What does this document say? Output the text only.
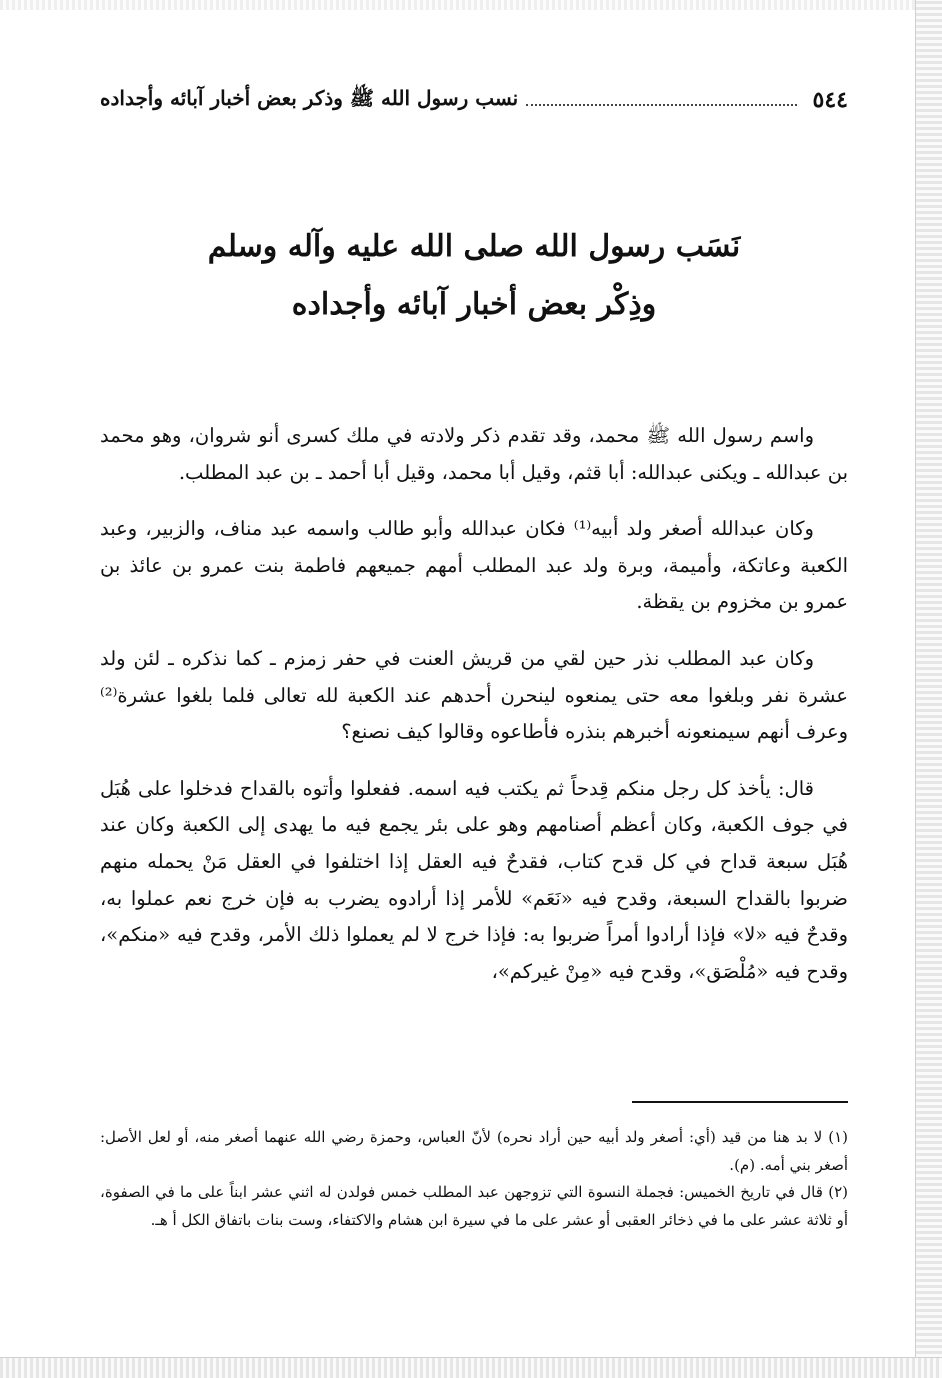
٥٤٤
نسب رسول الله ﷺ وذكر بعض أخبار آبائه وأجداده
نَسَب رسول الله صلى الله عليه وآله وسلم
وذِكْر بعض أخبار آبائه وأجداده

واسم رسول الله ﷺ محمد، وقد تقدم ذكر ولادته في ملك كسرى أنو شروان، وهو محمد بن عبدالله ـ ويكنى عبدالله: أبا قثم، وقيل أبا محمد، وقيل أبا أحمد ـ بن عبد المطلب.

وكان عبدالله أصغر ولد أبيه⁽¹⁾ فكان عبدالله وأبو طالب واسمه عبد مناف، والزبير، وعبد الكعبة وعاتكة، وأميمة، وبرة ولد عبد المطلب أمهم جميعهم فاطمة بنت عمرو بن عائذ بن عمرو بن مخزوم بن يقظة.

وكان عبد المطلب نذر حين لقي من قريش العنت في حفر زمزم ـ كما نذكره ـ لئن ولد عشرة نفر وبلغوا معه حتى يمنعوه لينحرن أحدهم عند الكعبة لله تعالى فلما بلغوا عشرة⁽²⁾ وعرف أنهم سيمنعونه أخبرهم بنذره فأطاعوه وقالوا كيف نصنع؟

قال: يأخذ كل رجل منكم قِدحاً ثم يكتب فيه اسمه. ففعلوا وأتوه بالقداح فدخلوا على هُبَل في جوف الكعبة، وكان أعظم أصنامهم وهو على بئر يجمع فيه ما يهدى إلى الكعبة وكان عند هُبَل سبعة قداح في كل قدح كتاب، فقدحٌ فيه العقل إذا اختلفوا في العقل مَنْ يحمله منهم ضربوا بالقداح السبعة، وقدح فيه «نَعَم» للأمر إذا أرادوه يضرب به فإن خرج نعم عملوا به، وقدحٌ فيه «لا» فإذا أرادوا أمراً ضربوا به: فإذا خرج لا لم يعملوا ذلك الأمر، وقدح فيه «منكم»، وقدح فيه «مُلْصَق»، وقدح فيه «مِنْ غيركم»،

(١) لا بد هنا من قيد (أي: أصغر ولد أبيه حين أراد نحره) لأنّ العباس، وحمزة رضي الله عنهما أصغر منه، أو لعل الأصل: أصغر بني أمه. (م).

(٢) قال في تاريخ الخميس: فجملة النسوة التي تزوجهن عبد المطلب خمس فولدن له اثني عشر ابناً على ما في الصفوة، أو ثلاثة عشر على ما في ذخائر العقبى أو عشر على ما في سيرة ابن هشام والاكتفاء، وست بنات باتفاق الكل أ هـ.
